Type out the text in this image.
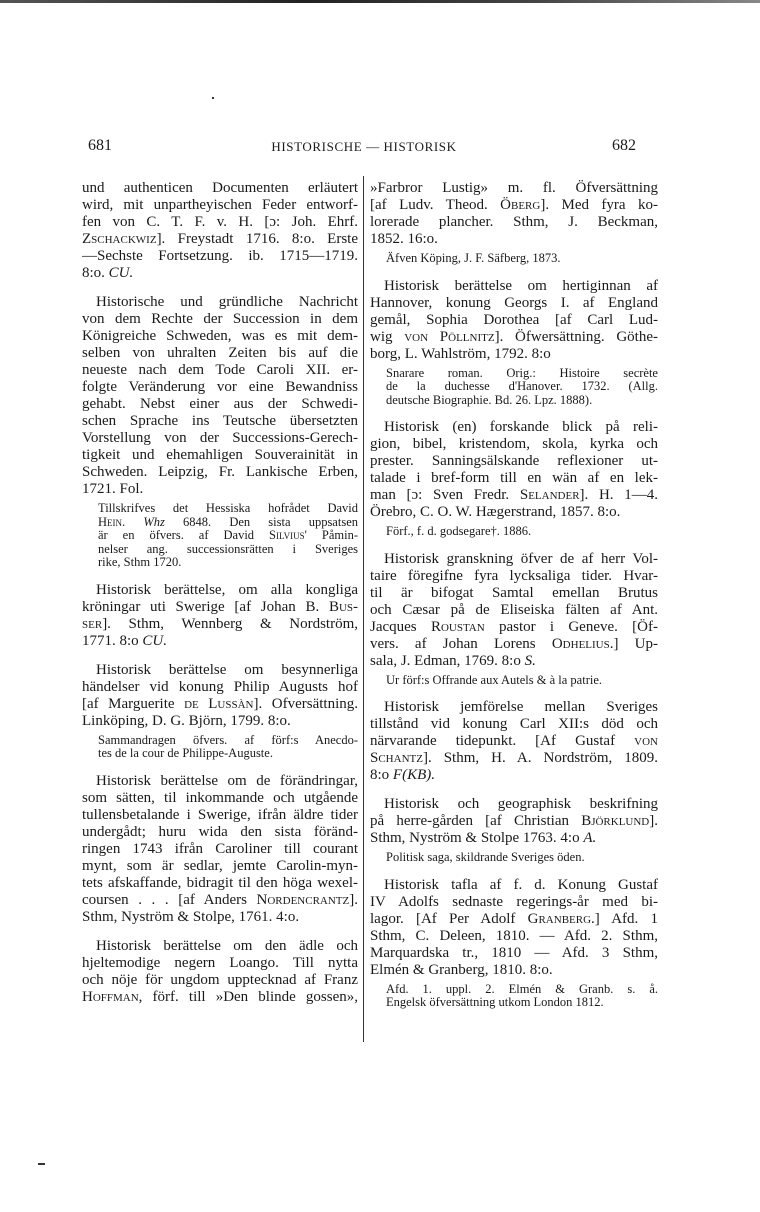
681	HISTORISCHE — HISTORISK	682
und authenticen Documenten erläutert
wird, mit unpartheyischen Feder entworf-
fen von C. T. F. v. H. [ɔ: Joh. Ehrf.
Zschackwiz]. Freystadt 1716. 8:o. Erste
—Sechste Fortsetzung. ib. 1715—1719.
8:o. CU.
Historische und gründliche Nachricht
von dem Rechte der Succession in dem
Königreiche Schweden, was es mit dem-
selben von uhralten Zeiten bis auf die
neueste nach dem Tode Caroli XII. er-
folgte Veränderung vor eine Bewandniss
gehabt. Nebst einer aus der Schwedi-
schen Sprache ins Teutsche übersetzten
Vorstellung von der Successions-Gerech-
tigkeit und ehemahligen Souverainität in
Schweden. Leipzig, Fr. Lankische Erben,
1721. Fol.
Tillskrifves det Hessiska hofrådet David
Hein. Whz 6848. Den sista uppsatsen
är en öfvers. af David Silvius' Påmin-
nelser ang. successionsrätten i Sveriges
rike, Sthm 1720.
Historisk berättelse, om alla kongliga
kröningar uti Swerige [af Johan B. Bus-
ser]. Sthm, Wennberg & Nordström,
1771. 8:o CU.
Historisk berättelse om besynnerliga
händelser vid konung Philip Augusts hof
[af Marguerite de Lussàn]. Ofversättning.
Linköping, D. G. Björn, 1799. 8:o.
Sammandragen öfvers. af förf:s Anecdo-
tes de la cour de Philippe-Auguste.
Historisk berättelse om de förändringar,
som sätten, til inkommande och utgående
tullensbetalande i Swerige, ifrån äldre tider
undergådt; huru wida den sista föränd-
ringen 1743 ifrån Caroliner till courant
mynt, som är sedlar, jemte Carolin-myn-
tets afskaffande, bidragit til den höga wexel-
coursen . . . [af Anders Nordencrantz].
Sthm, Nyström & Stolpe, 1761. 4:o.
Historisk berättelse om den ädle och
hjeltemodige negern Loango. Till nytta
och nöje för ungdom upptecknad af Franz
Hoffman, förf. till »Den blinde gossen»,
»Farbror Lustig» m. fl. Öfversättning
[af Ludv. Theod. Öberg]. Med fyra ko-
lorerade plancher. Sthm, J. Beckman,
1852. 16:o.
Äfven Köping, J. F. Säfberg, 1873.
Historisk berättelse om hertiginnan af
Hannover, konung Georgs I. af England
gemål, Sophia Dorothea [af Carl Lud-
wig von Pöllnitz]. Öfwersättning. Göthe-
borg, L. Wahlström, 1792. 8:o
Snarare roman. Orig.: Histoire secrète
de la duchesse d'Hanover. 1732. (Allg.
deutsche Biographie. Bd. 26. Lpz. 1888).
Historisk (en) forskande blick på reli-
gion, bibel, kristendom, skola, kyrka och
prester. Sanningsälskande reflexioner ut-
talade i bref-form till en wän af en lek-
man [ɔ: Sven Fredr. Selander]. H. 1—4.
Örebro, C. O. W. Hægerstrand, 1857. 8:o.
Förf., f. d. godsegare†. 1886.
Historisk granskning öfver de af herr Vol-
taire föregifne fyra lycksaliga tider. Hvar-
til är bifogat Samtal emellan Brutus
och Cæsar på de Eliseiska fälten af Ant.
Jacques Roustan pastor i Geneve. [Öf-
vers. af Johan Lorens Odhelius.] Up-
sala, J. Edman, 1769. 8:o S.
Ur förf:s Offrande aux Autels & à la patrie.
Historisk jemförelse mellan Sveriges
tillstånd vid konung Carl XII:s död och
närvarande tidepunkt. [Af Gustaf von
Schantz]. Sthm, H. A. Nordström, 1809.
8:o F(KB).
Historisk och geographisk beskrifning
på herre-gården [af Christian Björklund].
Sthm, Nyström & Stolpe 1763. 4:o A.
Politisk saga, skildrande Sveriges öden.
Historisk tafla af f. d. Konung Gustaf
IV Adolfs sednaste regerings-år med bi-
lagor. [Af Per Adolf Granberg.] Afd. 1
Sthm, C. Deleen, 1810. — Afd. 2. Sthm,
Marquardska tr., 1810 — Afd. 3 Sthm,
Elmén & Granberg, 1810. 8:o.
Afd. 1. uppl. 2. Elmén & Granb. s. å.
Engelsk öfversättning utkom London 1812.
